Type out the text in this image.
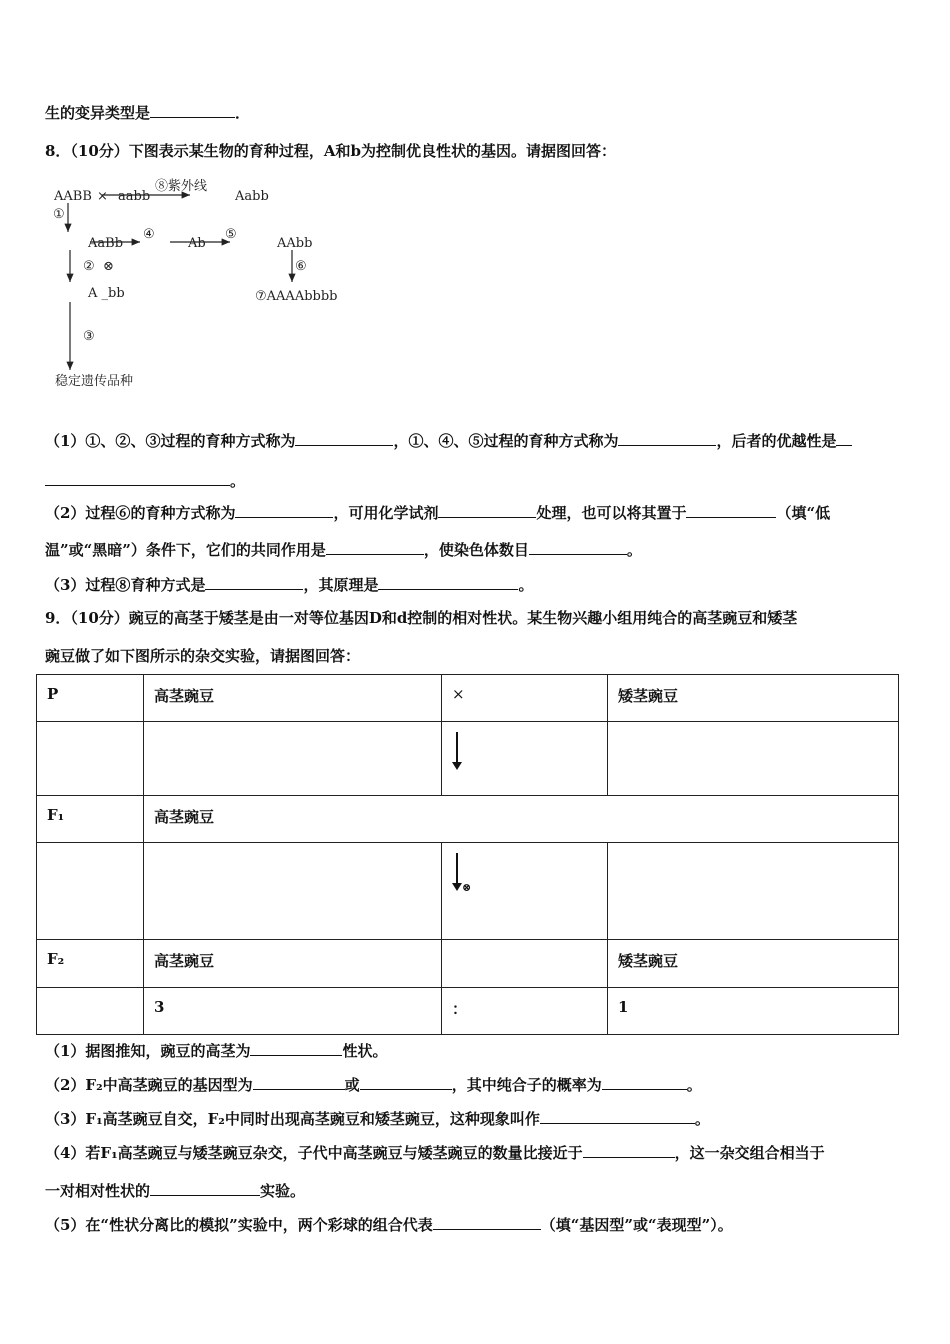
生的变异类型是	．
8．（10分）下图表示某生物的育种过程，A和b为控制优良性状的基因。请据图回答：
AABB × aabb
⑧紫外线
Aabb
①
AaBb
④
Ab
⑤
AAbb
② ⊗	⑥
A _bb	⑦AAAAbbbb
③
稳定遗传品种
（1）①、②、③过程的育种方式称为	，①、④、⑤过程的育种方式称为	，后者的优越性是
。
（2）过程⑥的育种方式称为	，可用化学试剂	处理，也可以将其置于	（填“低
温”或“黑暗”）条件下，它们的共同作用是	，使染色体数目	。
（3）过程⑧育种方式是	，其原理是	。
9．（10分）豌豆的高茎于矮茎是由一对等位基因D和d控制的相对性状。某生物兴趣小组用纯合的高茎豌豆和矮茎
豌豆做了如下图所示的杂交实验，请据图回答：
P	高茎豌豆	×	矮茎豌豆

F₁	高茎豌豆		
		⊗	
F₂	高茎豌豆		矮茎豌豆
	3	：	1
（1）据图推知，豌豆的高茎为	性状。
（2）F₂中高茎豌豆的基因型为	或	，其中纯合子的概率为	。
（3）F₁高茎豌豆自交，F₂中同时出现高茎豌豆和矮茎豌豆，这种现象叫作	。
（4）若F₁高茎豌豆与矮茎豌豆杂交，子代中高茎豌豆与矮茎豌豆的数量比接近于	，这一杂交组合相当于
一对相对性状的	实验。
（5）在“性状分离比的模拟”实验中，两个彩球的组合代表	（填“基因型”或“表现型”）。
